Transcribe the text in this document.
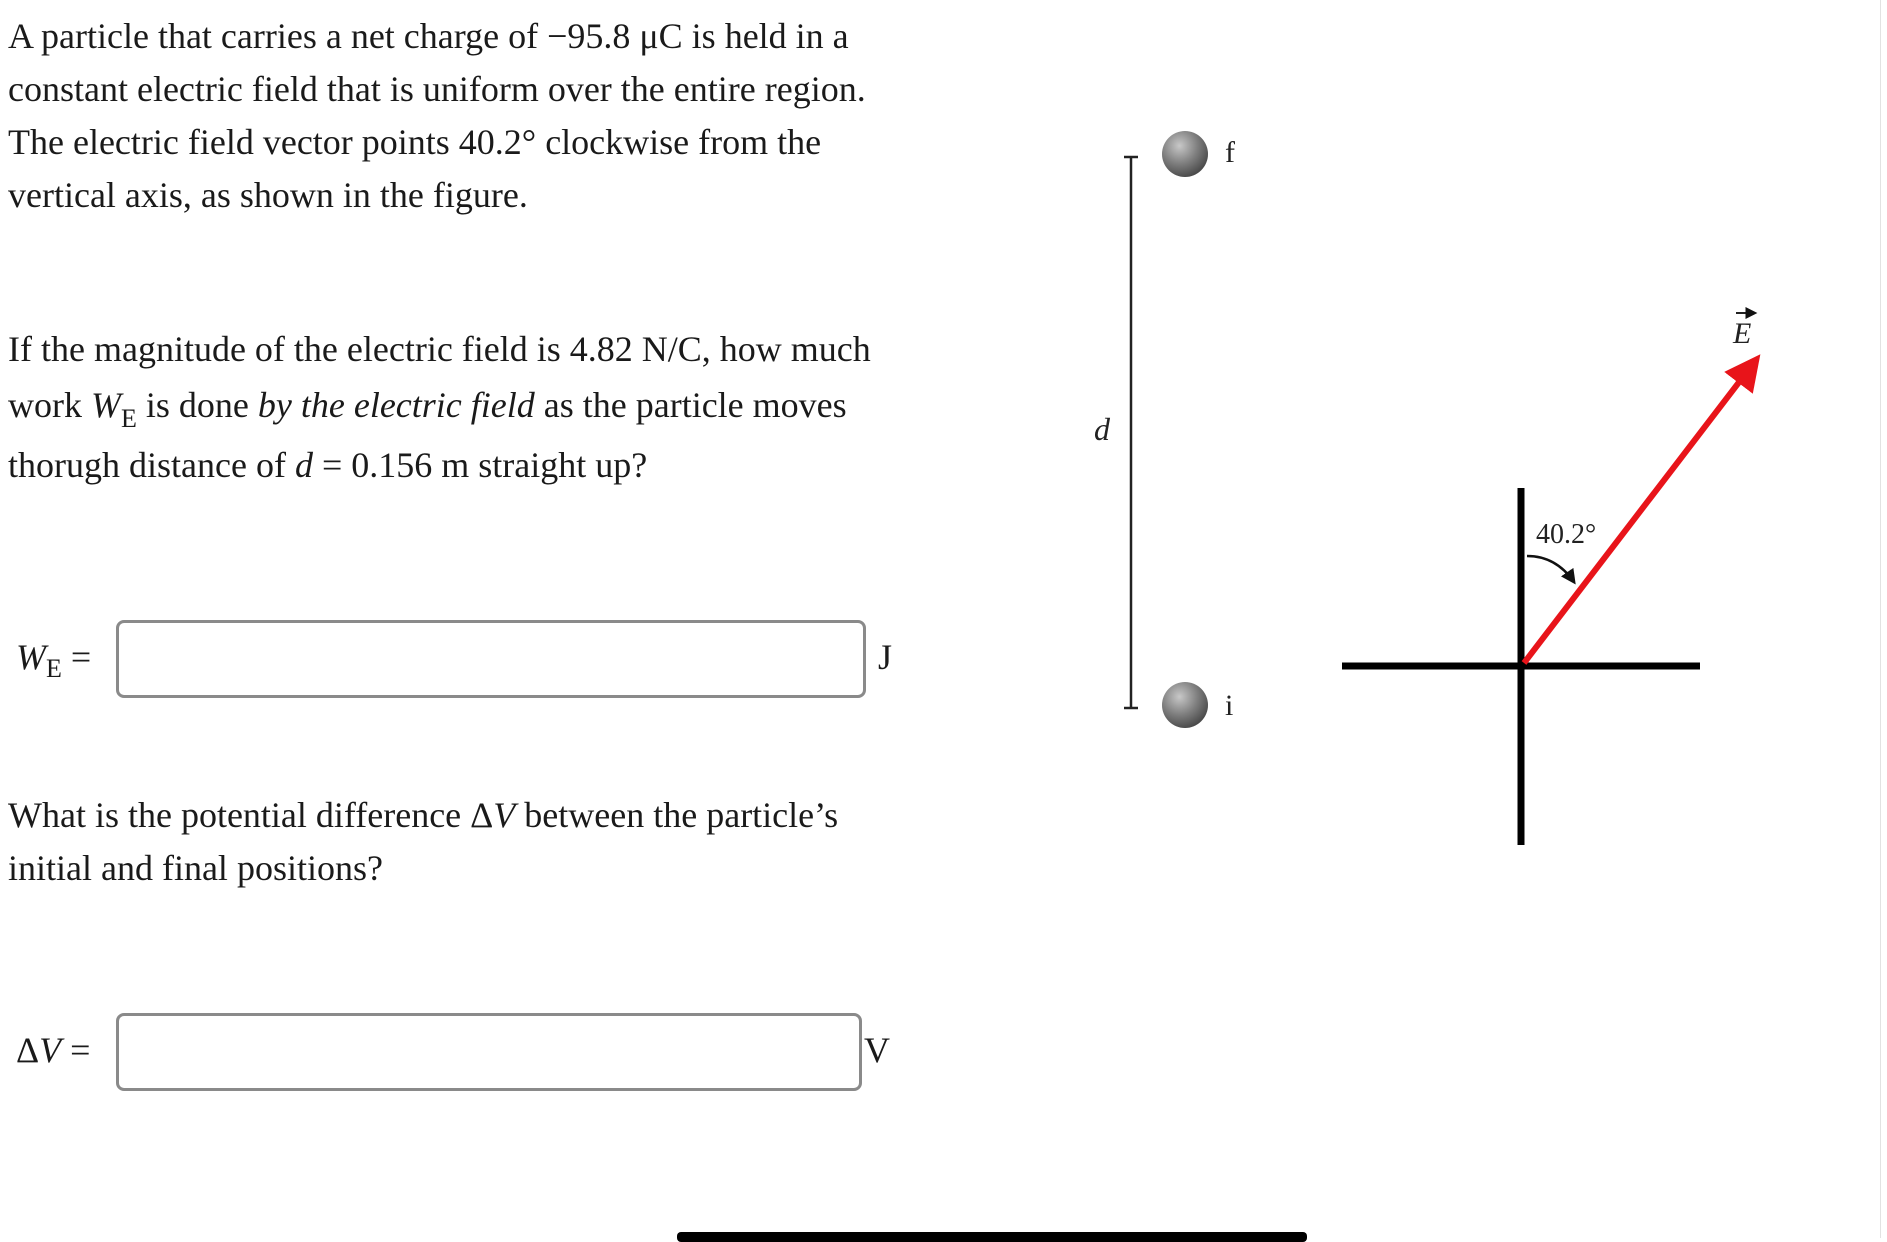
A particle that carries a net charge of −95.8 μC is held in a constant electric field that is uniform over the entire region. The electric field vector points 40.2° clockwise from the vertical axis, as shown in the figure.

If the magnitude of the electric field is 4.82 N/C, how much work $W_E$ is done by the electric field as the particle moves thorugh distance of d = 0.156 m straight up?

$W_E$ =	J

What is the potential difference ΔV between the particle’s initial and final positions?

ΔV =	V
d
f
i
40.2°
E
